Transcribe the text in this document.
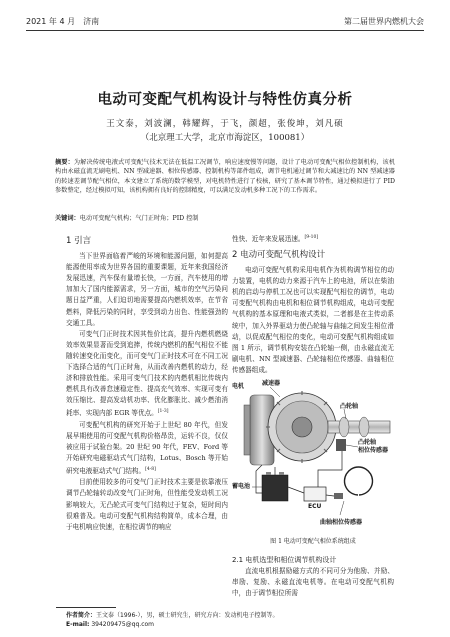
2021 年 4 月　济南	第二届世界内燃机大会
电动可变配气机构设计与特性仿真分析
王文泰，刘波澜，韩耀辉，于飞，颜超，张俊坤，刘凡硕
（北京理工大学，北京市海淀区，100081）
摘要：为解决传统电液式可变配气技术无法在低温工况调节，响应速度慢等问题，设计了电动可变配气相位控制机构，该机构由永磁直流无刷电机、NN 型减速器、相位传感器、控制机构等部件组成，调节电机通过调节和大减速比的 NN 型减速器的转速差调节配气相位，本文建立了系统的数学模型，对电机特性进行了校核，研究了基本调节特性，通过模拟进行了 PID 参数整定，经过模拟可知，该机构拥有良好的控制精度，可以满足发动机多种工况下的工作需求。
关键词：电动可变配气机构；气门正时角；PID 控制
1 引言

当下世界面临着严峻的环境和能源问题，如何提高能源使用率成为世界各国的重要课题，近年来我国经济发展迅速，汽车保有量增长快，一方面，汽车使用的增加加大了国内能源需求，另一方面，城市的空气污染问题日益严重，人们迫切地需要提高内燃机效率，在节省燃料，降低污染的同时，享受到动力出色、性能强劲的交通工具。

可变气门正时技术因其性价比高，提升内燃机燃烧效率效果显著而受到追捧，传统内燃机的配气相位不能随转速变化而变化，而可变气门正时技术可在不同工况下选择合适的气门正时角，从而改善内燃机的动力，经济和排放性能。采用可变气门技术的内燃机相比传统内燃机具有改善怠速稳定性、提高充气效率、实现可变有效压缩比、提高发动机功率、优化膨胀比、减少燃油消耗率、实现内部 EGR 等优点。[1-3]

可变配气机构的研究开始于上世纪 80 年代，但发展早期使用的可变配气机构价格昂贵，运转不良，仅仅被应用于试验台架。20 世纪 90 年代，FEV、Ford 等开始研究电磁驱动式气门结构，Lotus、Bosch 等开始研究电液驱动式气门结构。[4-8]

目前使用较多的可变气门正时技术主要是依靠液压调节凸轮轴转动改变气门正时角，但性能受发动机工况影响较大，无凸轮式可变气门结构过于复杂，短时间内很难普及。电动可变配气机构结构简单，成本合理，由于电机响应快速，在相位调节的响应

性快、近年来发展迅速。[9-10]
2 电动可变配气机构设计

电动可变配气机构采用电机作为机构调节相位的动力装置，电机的动力来源于汽车上的电池，所以在柴油机的启动与停机工况也可以实现配气相位的调节，电动可变配气机构由电机和相位调节机构组成，电动可变配气机构的基本原理和电液式类似，二者都是在主传动系统中，加入外界驱动力使凸轮轴与曲轴之间发生相位滑动，以促成配气相位的变化，电动可变配气机构组成如图 1 所示，调节机构安装在凸轮轴一侧，由永磁直流无刷电机、NN 型减速器、凸轮轴相位传感器、曲轴相位传感器组成。

减速器
电机
凸轮轴
凸轮轴
相位传感器
蓄电池
ECU
曲轴相位传感器
图 1 电动可变配气相位系统组成
2.1 电机选型和相位调节机构设计

直流电机根据励磁方式的不同可分为他励、并励、串励、复励、永磁直流电机等。在电动可变配气机构中，由于调节相位所需

作者简介：王文泰（1996-），男，硕士研究生，研究方向：发动机电子控制等。
E-mail: 394209475@qq.com
